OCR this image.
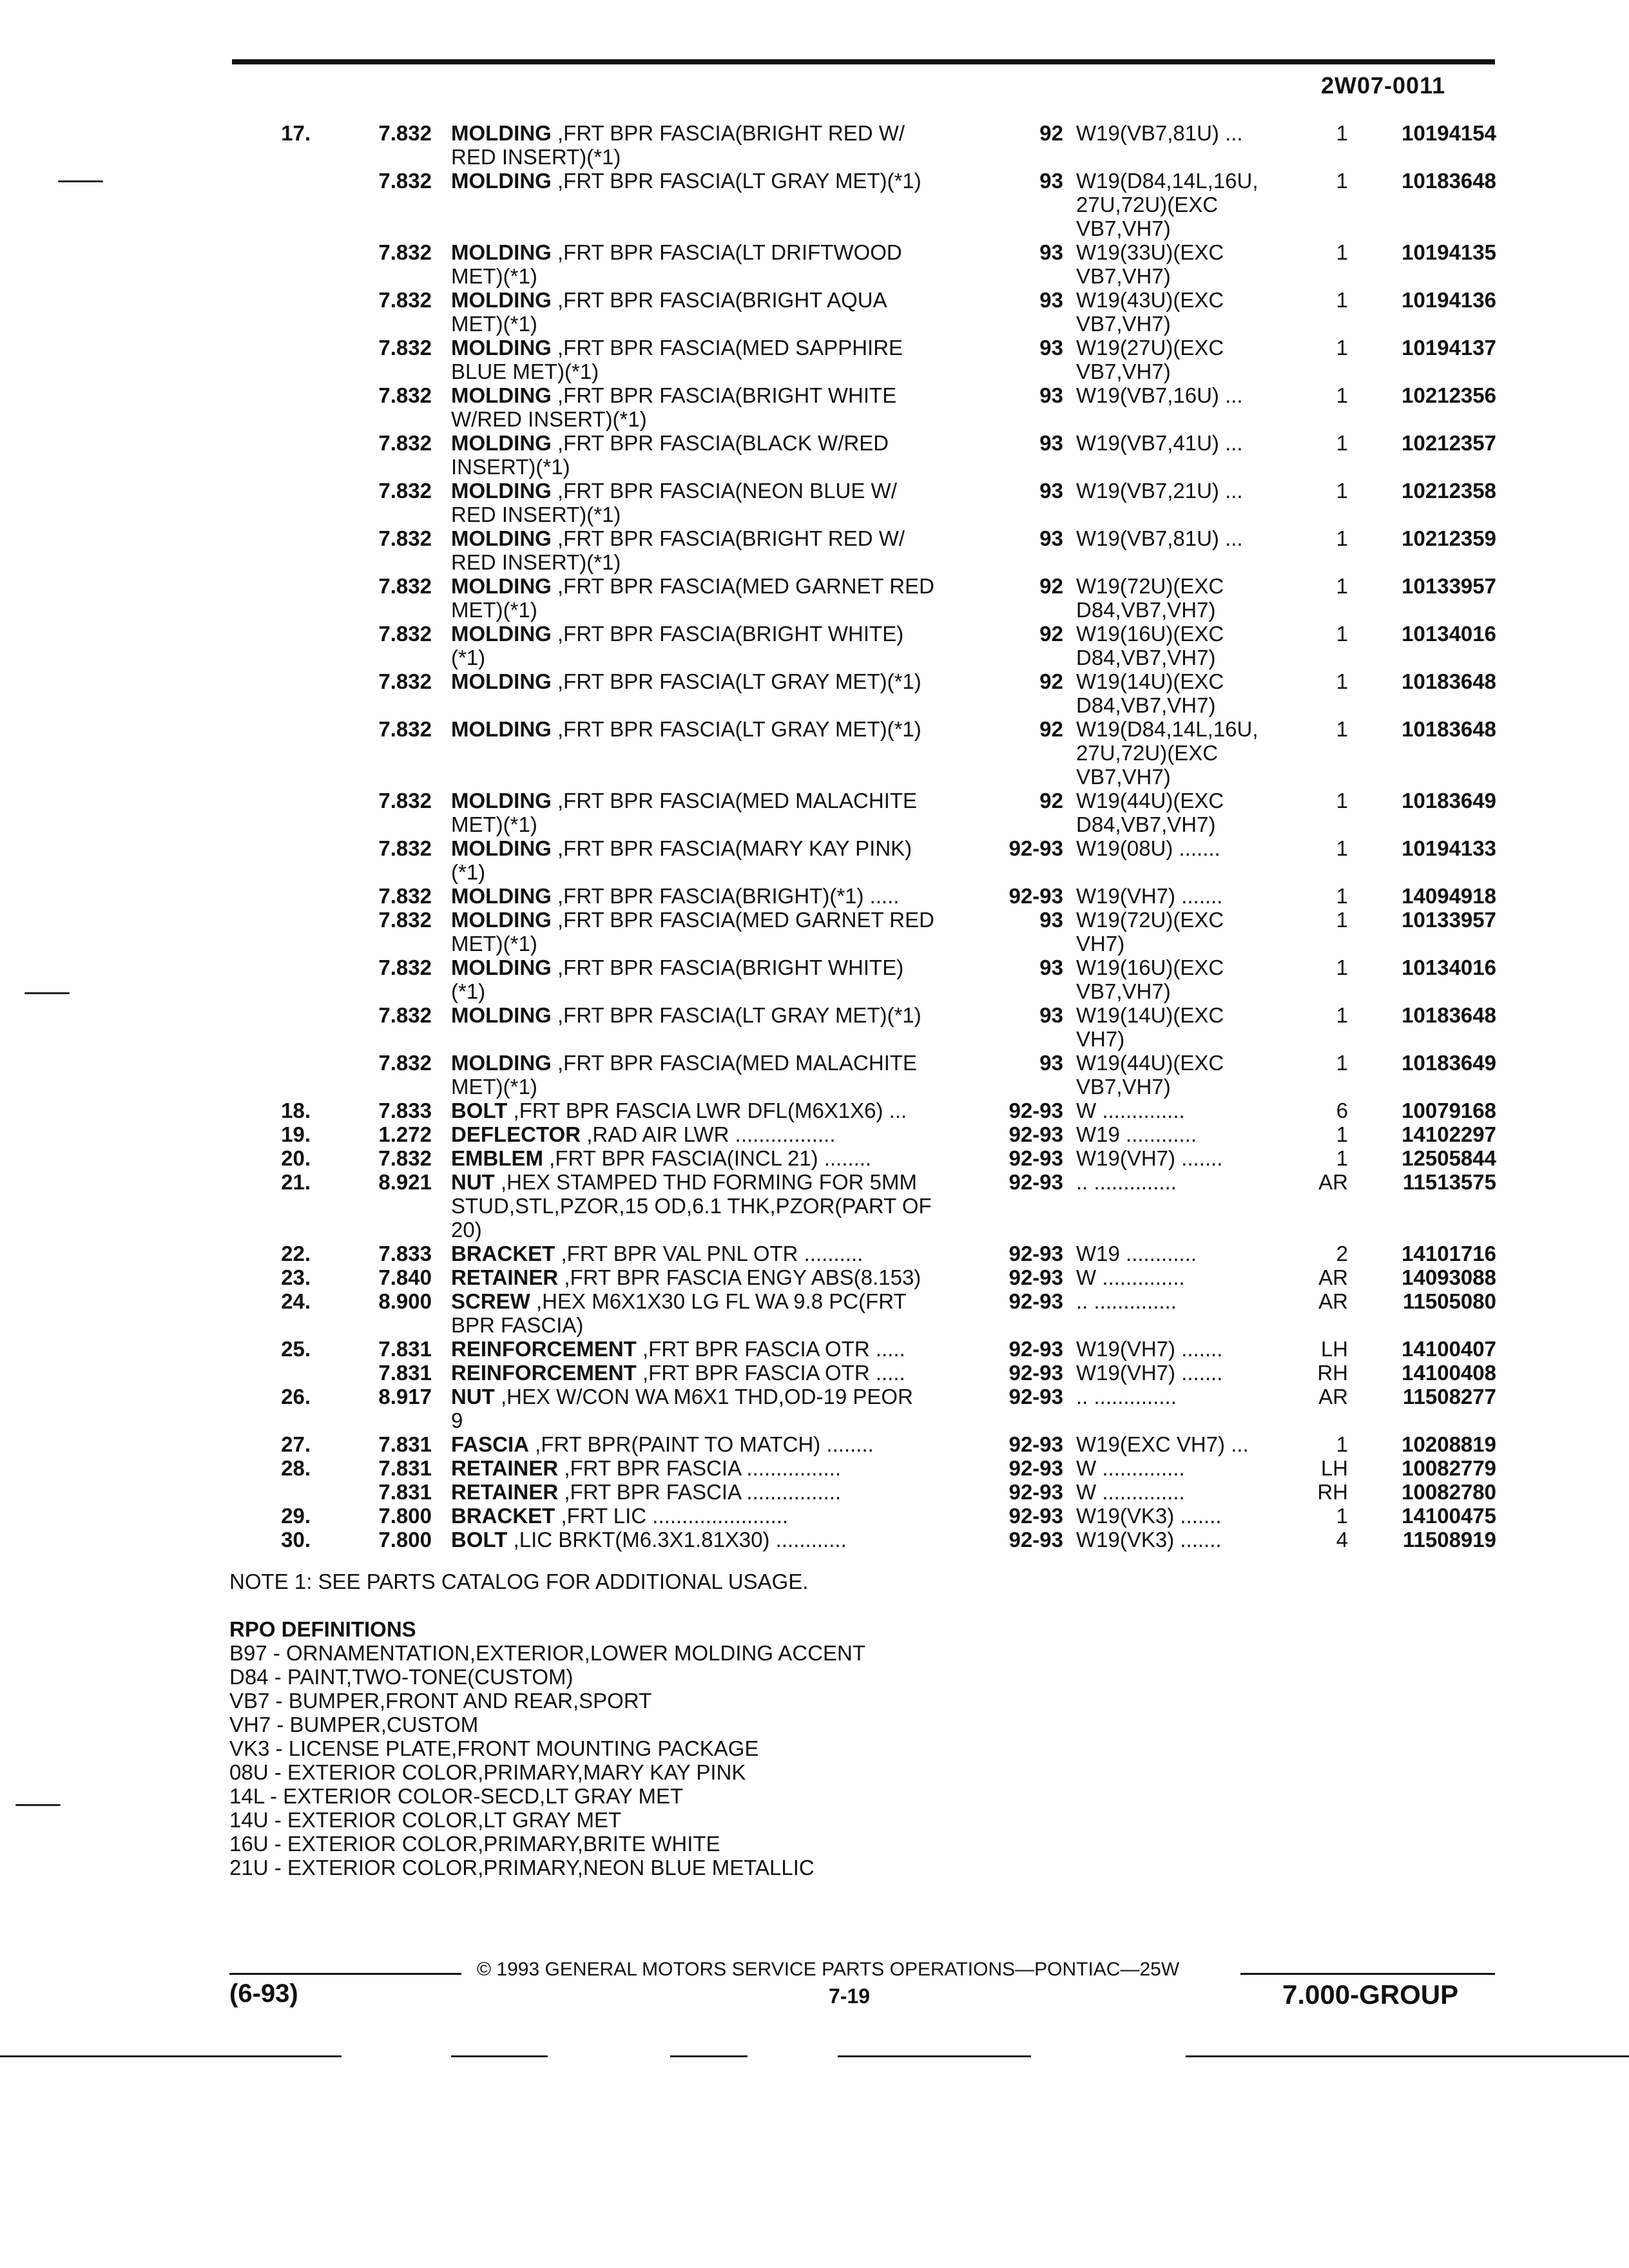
2W07-0011
17.	7.832 MOLDING ,FRT BPR FASCIA(BRIGHT RED W/	92 W19(VB7,81U) ...	1	10194154
RED INSERT)(*1)
7.832 MOLDING ,FRT BPR FASCIA(LT GRAY MET)(*1)	93 W19(D84,14L,16U,	1	10183648
27U,72U)(EXC
VB7,VH7)
7.832 MOLDING ,FRT BPR FASCIA(LT DRIFTWOOD	93 W19(33U)(EXC	1	10194135
MET)(*1)	VB7,VH7)
7.832 MOLDING ,FRT BPR FASCIA(BRIGHT AQUA	93 W19(43U)(EXC	1	10194136
MET)(*1)	VB7,VH7)
7.832 MOLDING ,FRT BPR FASCIA(MED SAPPHIRE	93 W19(27U)(EXC	1	10194137
BLUE MET)(*1)	VB7,VH7)
7.832 MOLDING ,FRT BPR FASCIA(BRIGHT WHITE	93 W19(VB7,16U) ...	1	10212356
W/RED INSERT)(*1)
7.832 MOLDING ,FRT BPR FASCIA(BLACK W/RED	93 W19(VB7,41U) ...	1	10212357
INSERT)(*1)
7.832 MOLDING ,FRT BPR FASCIA(NEON BLUE W/	93 W19(VB7,21U) ...	1	10212358
RED INSERT)(*1)
7.832 MOLDING ,FRT BPR FASCIA(BRIGHT RED W/	93 W19(VB7,81U) ...	1	10212359
RED INSERT)(*1)
7.832 MOLDING ,FRT BPR FASCIA(MED GARNET RED	92 W19(72U)(EXC	1	10133957
MET)(*1)	D84,VB7,VH7)
7.832 MOLDING ,FRT BPR FASCIA(BRIGHT WHITE)	92 W19(16U)(EXC	1	10134016
(*1)	D84,VB7,VH7)
7.832 MOLDING ,FRT BPR FASCIA(LT GRAY MET)(*1)	92 W19(14U)(EXC	1	10183648
D84,VB7,VH7)
7.832 MOLDING ,FRT BPR FASCIA(LT GRAY MET)(*1)	92 W19(D84,14L,16U,	1	10183648
27U,72U)(EXC
VB7,VH7)
7.832 MOLDING ,FRT BPR FASCIA(MED MALACHITE	92 W19(44U)(EXC	1	10183649
MET)(*1)	D84,VB7,VH7)
7.832 MOLDING ,FRT BPR FASCIA(MARY KAY PINK)	92-93 W19(08U) .......	1	10194133
(*1)
7.832 MOLDING ,FRT BPR FASCIA(BRIGHT)(*1) .....	92-93 W19(VH7) .......	1	14094918
7.832 MOLDING ,FRT BPR FASCIA(MED GARNET RED	93 W19(72U)(EXC	1	10133957
MET)(*1)	VH7)
7.832 MOLDING ,FRT BPR FASCIA(BRIGHT WHITE)	93 W19(16U)(EXC	1	10134016
(*1)	VB7,VH7)
7.832 MOLDING ,FRT BPR FASCIA(LT GRAY MET)(*1)	93 W19(14U)(EXC	1	10183648
VH7)
7.832 MOLDING ,FRT BPR FASCIA(MED MALACHITE	93 W19(44U)(EXC	1	10183649
MET)(*1)	VB7,VH7)
18.	7.833 BOLT ,FRT BPR FASCIA LWR DFL(M6X1X6) ...	92-93 W ..............	6	10079168
19.	1.272 DEFLECTOR ,RAD AIR LWR .................	92-93 W19 ............	1	14102297
20.	7.832 EMBLEM ,FRT BPR FASCIA(INCL 21) ........	92-93 W19(VH7) .......	1	12505844
21.	8.921 NUT ,HEX STAMPED THD FORMING FOR 5MM	92-93 .. ..............	AR	11513575
STUD,STL,PZOR,15 OD,6.1 THK,PZOR(PART OF
20)
22.	7.833 BRACKET ,FRT BPR VAL PNL OTR ..........	92-93 W19 ............	2	14101716
23.	7.840 RETAINER ,FRT BPR FASCIA ENGY ABS(8.153)	92-93 W ..............	AR	14093088
24.	8.900 SCREW ,HEX M6X1X30 LG FL WA 9.8 PC(FRT	92-93 .. ..............	AR	11505080
BPR FASCIA)
25.	7.831 REINFORCEMENT ,FRT BPR FASCIA OTR .....	92-93 W19(VH7) .......	LH	14100407
7.831 REINFORCEMENT ,FRT BPR FASCIA OTR .....	92-93 W19(VH7) .......	RH	14100408
26.	8.917 NUT ,HEX W/CON WA M6X1 THD,OD-19 PEOR	92-93 .. ..............	AR	11508277
9
27.	7.831 FASCIA ,FRT BPR(PAINT TO MATCH) ........	92-93 W19(EXC VH7) ...	1	10208819
28.	7.831 RETAINER ,FRT BPR FASCIA ................	92-93 W ..............	LH	10082779
7.831 RETAINER ,FRT BPR FASCIA ................	92-93 W ..............	RH	10082780
29.	7.800 BRACKET ,FRT LIC .......................	92-93 W19(VK3) .......	1	14100475
30.	7.800 BOLT ,LIC BRKT(M6.3X1.81X30) ............	92-93 W19(VK3) .......	4	11508919
NOTE 1: SEE PARTS CATALOG FOR ADDITIONAL USAGE.
RPO DEFINITIONS
B97 - ORNAMENTATION,EXTERIOR,LOWER MOLDING ACCENT
D84 - PAINT,TWO-TONE(CUSTOM)
VB7 - BUMPER,FRONT AND REAR,SPORT
VH7 - BUMPER,CUSTOM
VK3 - LICENSE PLATE,FRONT MOUNTING PACKAGE
08U - EXTERIOR COLOR,PRIMARY,MARY KAY PINK
14L - EXTERIOR COLOR-SECD,LT GRAY MET
14U - EXTERIOR COLOR,LT GRAY MET
16U - EXTERIOR COLOR,PRIMARY,BRITE WHITE
21U - EXTERIOR COLOR,PRIMARY,NEON BLUE METALLIC
© 1993 GENERAL MOTORS SERVICE PARTS OPERATIONS—PONTIAC—25W
(6-93)	7-19	7.000-GROUP
